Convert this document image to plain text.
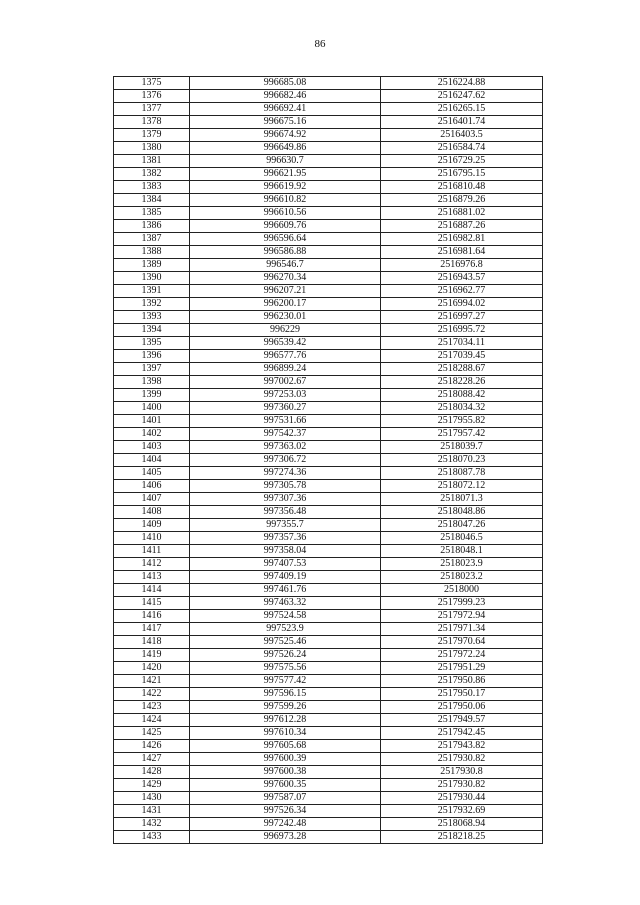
86
1375	996685.08	2516224.88
1376	996682.46	2516247.62
1377	996692.41	2516265.15
1378	996675.16	2516401.74
1379	996674.92	2516403.5
1380	996649.86	2516584.74
1381	996630.7	2516729.25
1382	996621.95	2516795.15
1383	996619.92	2516810.48
1384	996610.82	2516879.26
1385	996610.56	2516881.02
1386	996609.76	2516887.26
1387	996596.64	2516982.81
1388	996586.88	2516981.64
1389	996546.7	2516976.8
1390	996270.34	2516943.57
1391	996207.21	2516962.77
1392	996200.17	2516994.02
1393	996230.01	2516997.27
1394	996229	2516995.72
1395	996539.42	2517034.11
1396	996577.76	2517039.45
1397	996899.24	2518288.67
1398	997002.67	2518228.26
1399	997253.03	2518088.42
1400	997360.27	2518034.32
1401	997531.66	2517955.82
1402	997542.37	2517957.42
1403	997363.02	2518039.7
1404	997306.72	2518070.23
1405	997274.36	2518087.78
1406	997305.78	2518072.12
1407	997307.36	2518071.3
1408	997356.48	2518048.86
1409	997355.7	2518047.26
1410	997357.36	2518046.5
1411	997358.04	2518048.1
1412	997407.53	2518023.9
1413	997409.19	2518023.2
1414	997461.76	2518000
1415	997463.32	2517999.23
1416	997524.58	2517972.94
1417	997523.9	2517971.34
1418	997525.46	2517970.64
1419	997526.24	2517972.24
1420	997575.56	2517951.29
1421	997577.42	2517950.86
1422	997596.15	2517950.17
1423	997599.26	2517950.06
1424	997612.28	2517949.57
1425	997610.34	2517942.45
1426	997605.68	2517943.82
1427	997600.39	2517930.82
1428	997600.38	2517930.8
1429	997600.35	2517930.82
1430	997587.07	2517930.44
1431	997526.34	2517932.69
1432	997242.48	2518068.94
1433	996973.28	2518218.25
